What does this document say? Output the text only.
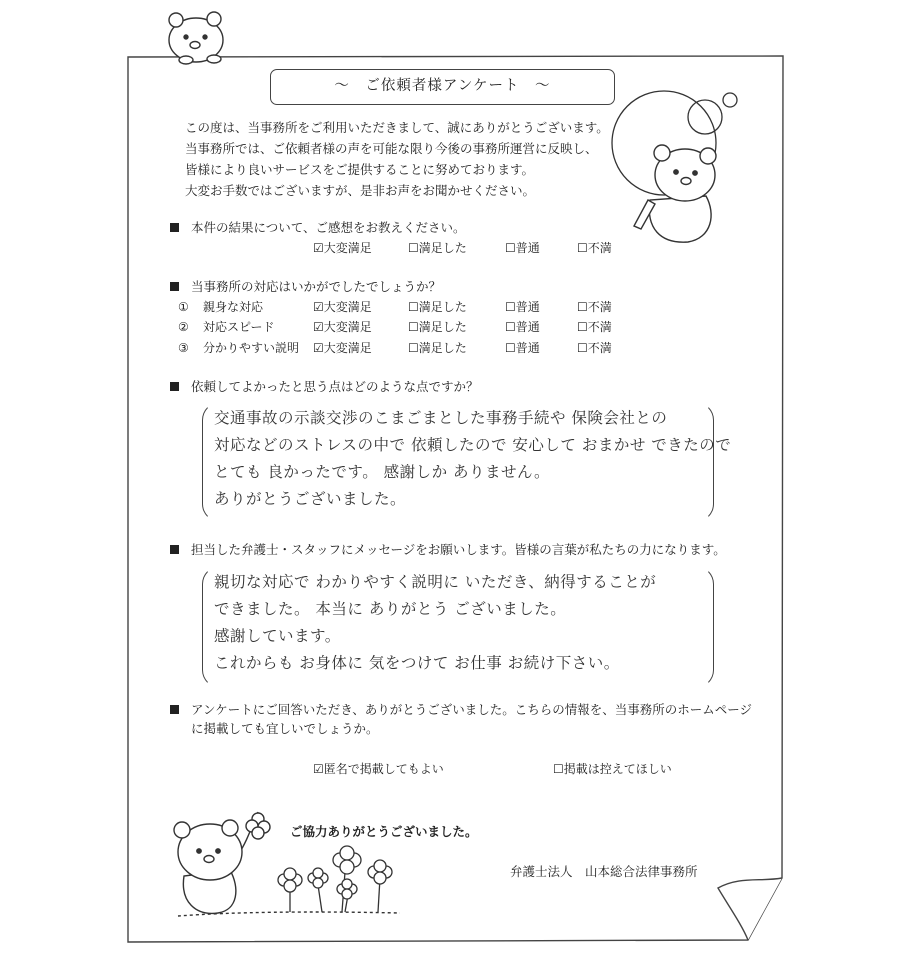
～　ご依頼者様アンケート　～
この度は、当事務所をご利用いただきまして、誠にありがとうございます。
当事務所では、ご依頼者様の声を可能な限り今後の事務所運営に反映し、
皆様により良いサービスをご提供することに努めております。
大変お手数ではございますが、是非お声をお聞かせください。
本件の結果について、ご感想をお教えください。
☑大変満足	☐満足した	☐普通	☐不満
当事務所の対応はいかがでしたでしょうか？
① 親身な対応	☑大変満足	☐満足した	☐普通	☐不満
② 対応スピード	☑大変満足	☐満足した	☐普通	☐不満
③ 分かりやすい説明 ☑大変満足	☐満足した	☐普通	☐不満
依頼してよかったと思う点はどのような点ですか？
交通事故の示談交渉のこまごまとした事務手続や 保険会社との
対応などのストレスの中で 依頼したので 安心して おまかせ できたので
とても 良かったです。 感謝しか ありません。
ありがとうございました。
担当した弁護士・スタッフにメッセージをお願いします。皆様の言葉が私たちの力になります。
親切な対応で わかりやすく説明に いただき、納得することが
できました。 本当に ありがとう ございました。
感謝しています。
これからも お身体に 気をつけて お仕事 お続け下さい。
アンケートにご回答いただき、ありがとうございました。こちらの情報を、当事務所のホームページ
に掲載しても宜しいでしょうか。
☑匿名で掲載してもよい	☐掲載は控えてほしい
ご協力ありがとうございました。
弁護士法人　山本総合法律事務所
